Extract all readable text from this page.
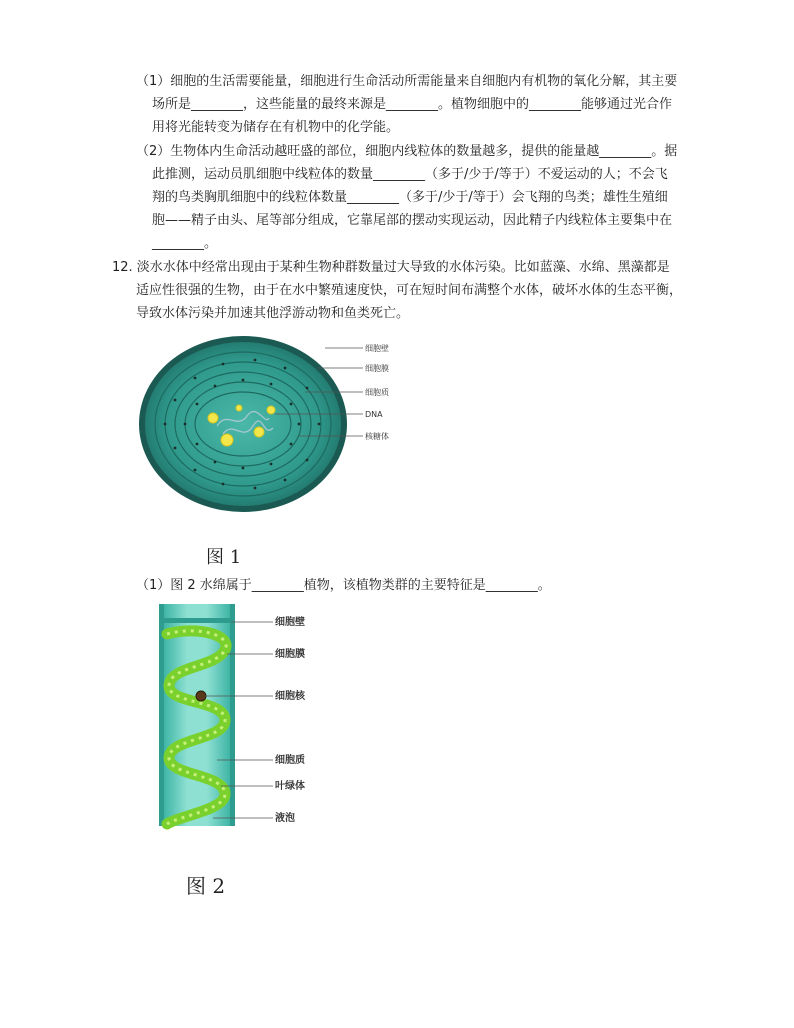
（1）细胞的生活需要能量，细胞进行生命活动所需能量来自细胞内有机物的氧化分解，其主要
场所是________，这些能量的最终来源是________。植物细胞中的________能够通过光合作
用将光能转变为储存在有机物中的化学能。
（2）生物体内生命活动越旺盛的部位，细胞内线粒体的数量越多，提供的能量越________。据
此推测，运动员肌细胞中线粒体的数量________（多于/少于/等于）不爱运动的人；不会飞
翔的鸟类胸肌细胞中的线粒体数量________（多于/少于/等于）会飞翔的鸟类；雄性生殖细
胞——精子由头、尾等部分组成，它靠尾部的摆动实现运动，因此精子内线粒体主要集中在
________。
12. 淡水水体中经常出现由于某种生物种群数量过大导致的水体污染。比如蓝藻、水绵、黑藻都是
适应性很强的生物，由于在水中繁殖速度快，可在短时间布满整个水体，破坏水体的生态平衡，
导致水体污染并加速其他浮游动物和鱼类死亡。
细胞壁
细胞膜
细胞质
DNA
核糖体
图 1
（1）图 2 水绵属于________植物，该植物类群的主要特征是________。
细胞壁
细胞膜
细胞核
细胞质
叶绿体
液泡
图 2
